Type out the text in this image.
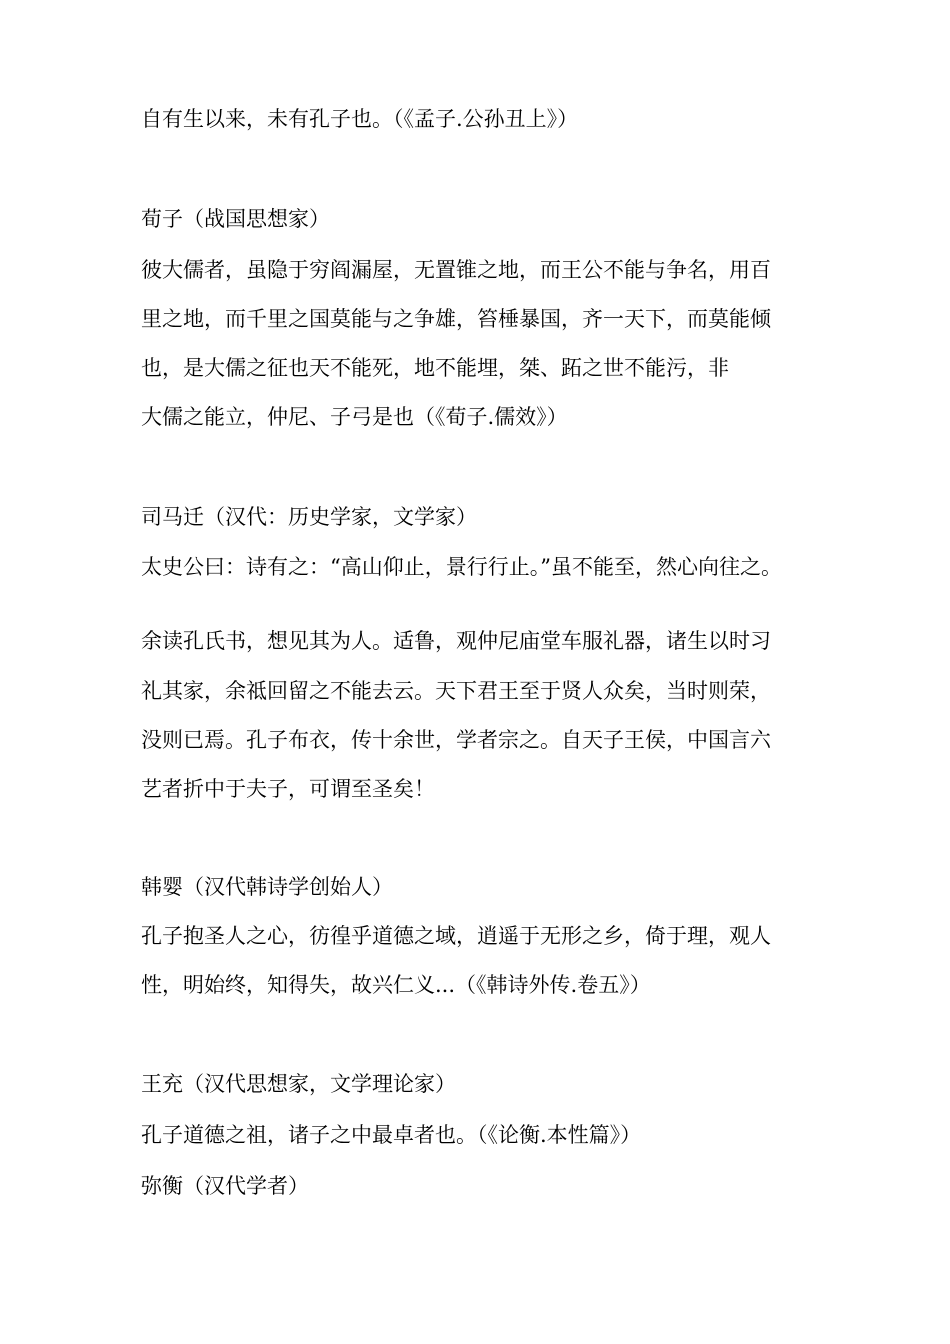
自有生以来，未有孔子也。（《孟子.公孙丑上》）
荀子（战国思想家）
彼大儒者，虽隐于穷阎漏屋，无置锥之地，而王公不能与争名，用百
里之地，而千里之国莫能与之争雄，笞棰暴国，齐一天下，而莫能倾
也，是大儒之征也天不能死，地不能埋，桀、跖之世不能污，非
大儒之能立，仲尼、子弓是也（《荀子.儒效》）
司马迁（汉代：历史学家，文学家）
太史公曰：诗有之：“高山仰止，景行行止。”虽不能至，然心向往之。
余读孔氏书，想见其为人。适鲁，观仲尼庙堂车服礼器，诸生以时习
礼其家，余祗回留之不能去云。天下君王至于贤人众矣，当时则荣，
没则已焉。孔子布衣，传十余世，学者宗之。自天子王侯，中国言六
艺者折中于夫子，可谓至圣矣！
韩婴（汉代韩诗学创始人）
孔子抱圣人之心，彷徨乎道德之域，逍遥于无形之乡，倚于理，观人
性，明始终，知得失，故兴仁义...（《韩诗外传.卷五》）
王充（汉代思想家，文学理论家）
孔子道德之祖，诸子之中最卓者也。（《论衡.本性篇》）
弥衡（汉代学者）
